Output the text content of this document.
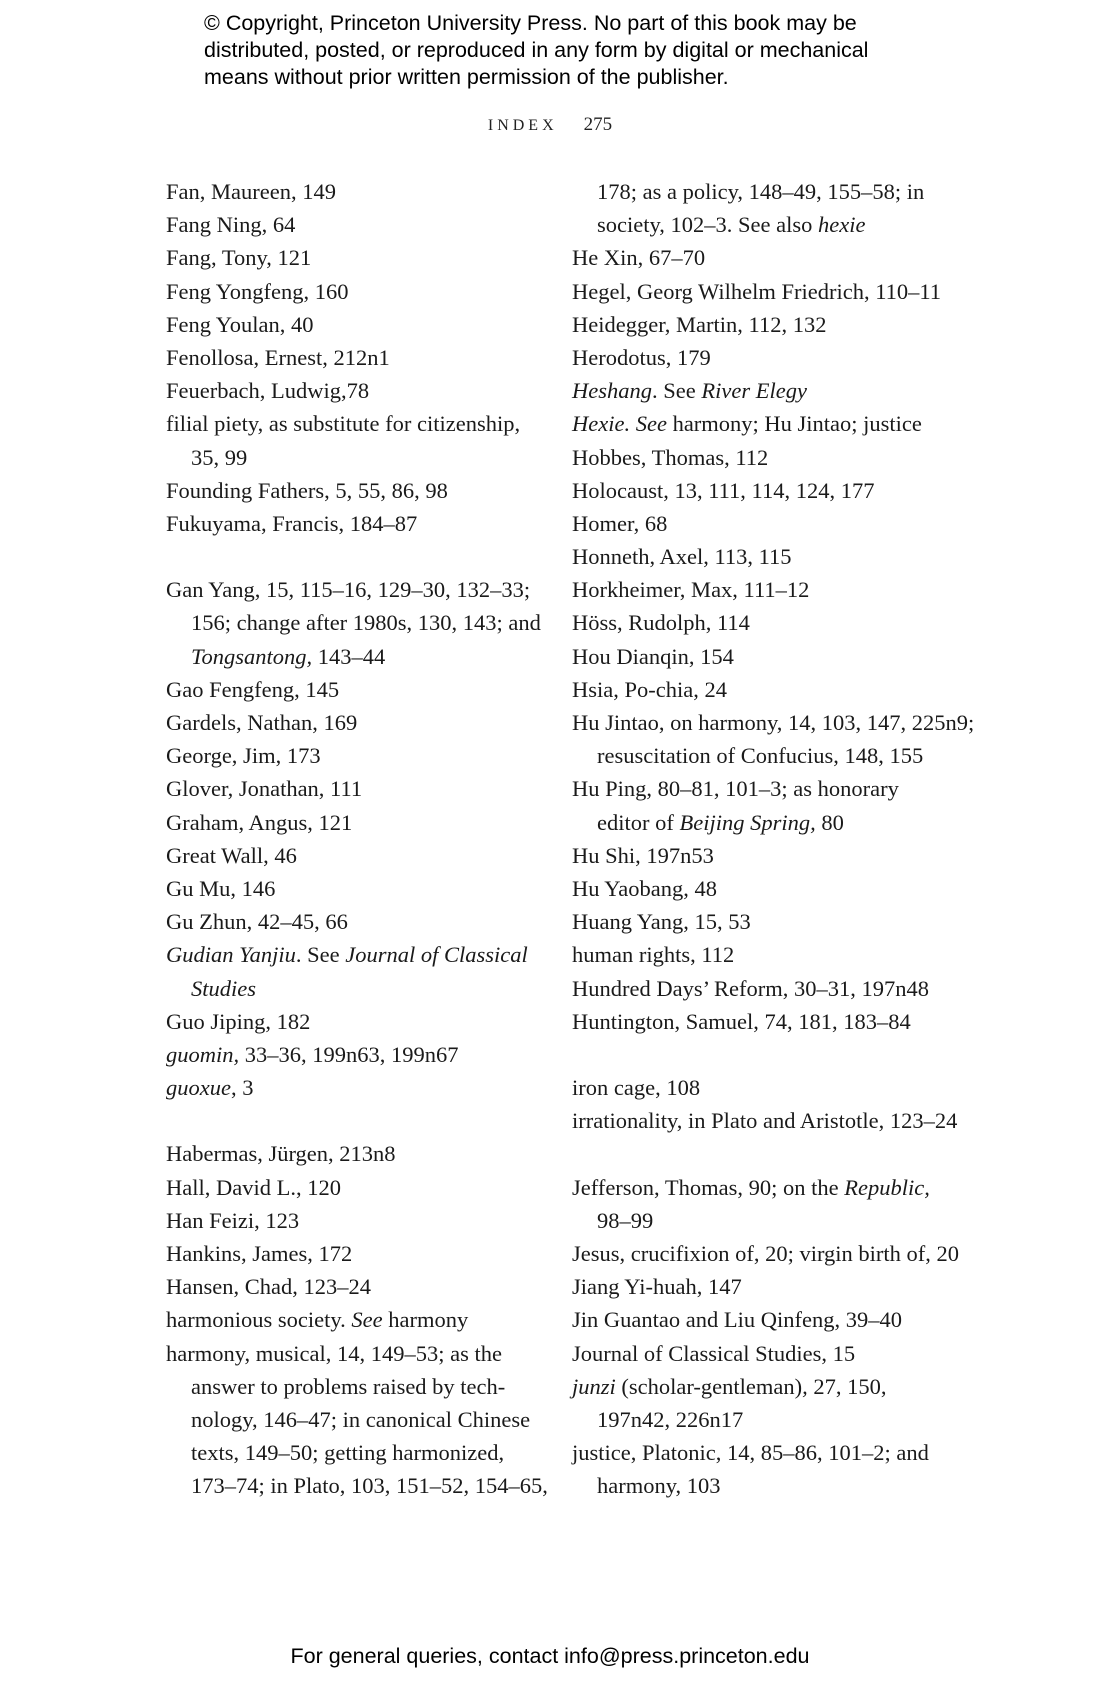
© Copyright, Princeton University Press. No part of this book may be
distributed, posted, or reproduced in any form by digital or mechanical
means without prior written permission of the publisher.
INDEX 275
Fan, Maureen, 149
Fang Ning, 64
Fang, Tony, 121
Feng Yongfeng, 160
Feng Youlan, 40
Fenollosa, Ernest, 212n1
Feuerbach, Ludwig,78
filial piety, as substitute for citizenship,
35, 99
Founding Fathers, 5, 55, 86, 98
Fukuyama, Francis, 184–87
Gan Yang, 15, 115–16, 129–30, 132–33;
156; change after 1980s, 130, 143; and
Tongsantong, 143–44
Gao Fengfeng, 145
Gardels, Nathan, 169
George, Jim, 173
Glover, Jonathan, 111
Graham, Angus, 121
Great Wall, 46
Gu Mu, 146
Gu Zhun, 42–45, 66
Gudian Yanjiu. See Journal of Classical
Studies
Guo Jiping, 182
guomin, 33–36, 199n63, 199n67
guoxue, 3
Habermas, Jürgen, 213n8
Hall, David L., 120
Han Feizi, 123
Hankins, James, 172
Hansen, Chad, 123–24
harmonious society. See harmony
harmony, musical, 14, 149–53; as the
answer to problems raised by tech-
nology, 146–47; in canonical Chinese
texts, 149–50; getting harmonized,
173–74; in Plato, 103, 151–52, 154–65,
178; as a policy, 148–49, 155–58; in
society, 102–3. See also hexie
He Xin, 67–70
Hegel, Georg Wilhelm Friedrich, 110–11
Heidegger, Martin, 112, 132
Herodotus, 179
Heshang. See River Elegy
Hexie. See harmony; Hu Jintao; justice
Hobbes, Thomas, 112
Holocaust, 13, 111, 114, 124, 177
Homer, 68
Honneth, Axel, 113, 115
Horkheimer, Max, 111–12
Höss, Rudolph, 114
Hou Dianqin, 154
Hsia, Po-chia, 24
Hu Jintao, on harmony, 14, 103, 147, 225n9;
resuscitation of Confucius, 148, 155
Hu Ping, 80–81, 101–3; as honorary
editor of Beijing Spring, 80
Hu Shi, 197n53
Hu Yaobang, 48
Huang Yang, 15, 53
human rights, 112
Hundred Days’ Reform, 30–31, 197n48
Huntington, Samuel, 74, 181, 183–84
iron cage, 108
irrationality, in Plato and Aristotle, 123–24
Jefferson, Thomas, 90; on the Republic,
98–99
Jesus, crucifixion of, 20; virgin birth of, 20
Jiang Yi-huah, 147
Jin Guantao and Liu Qinfeng, 39–40
Journal of Classical Studies, 15
junzi (scholar-gentleman), 27, 150,
197n42, 226n17
justice, Platonic, 14, 85–86, 101–2; and
harmony, 103
For general queries, contact info@press.princeton.edu
